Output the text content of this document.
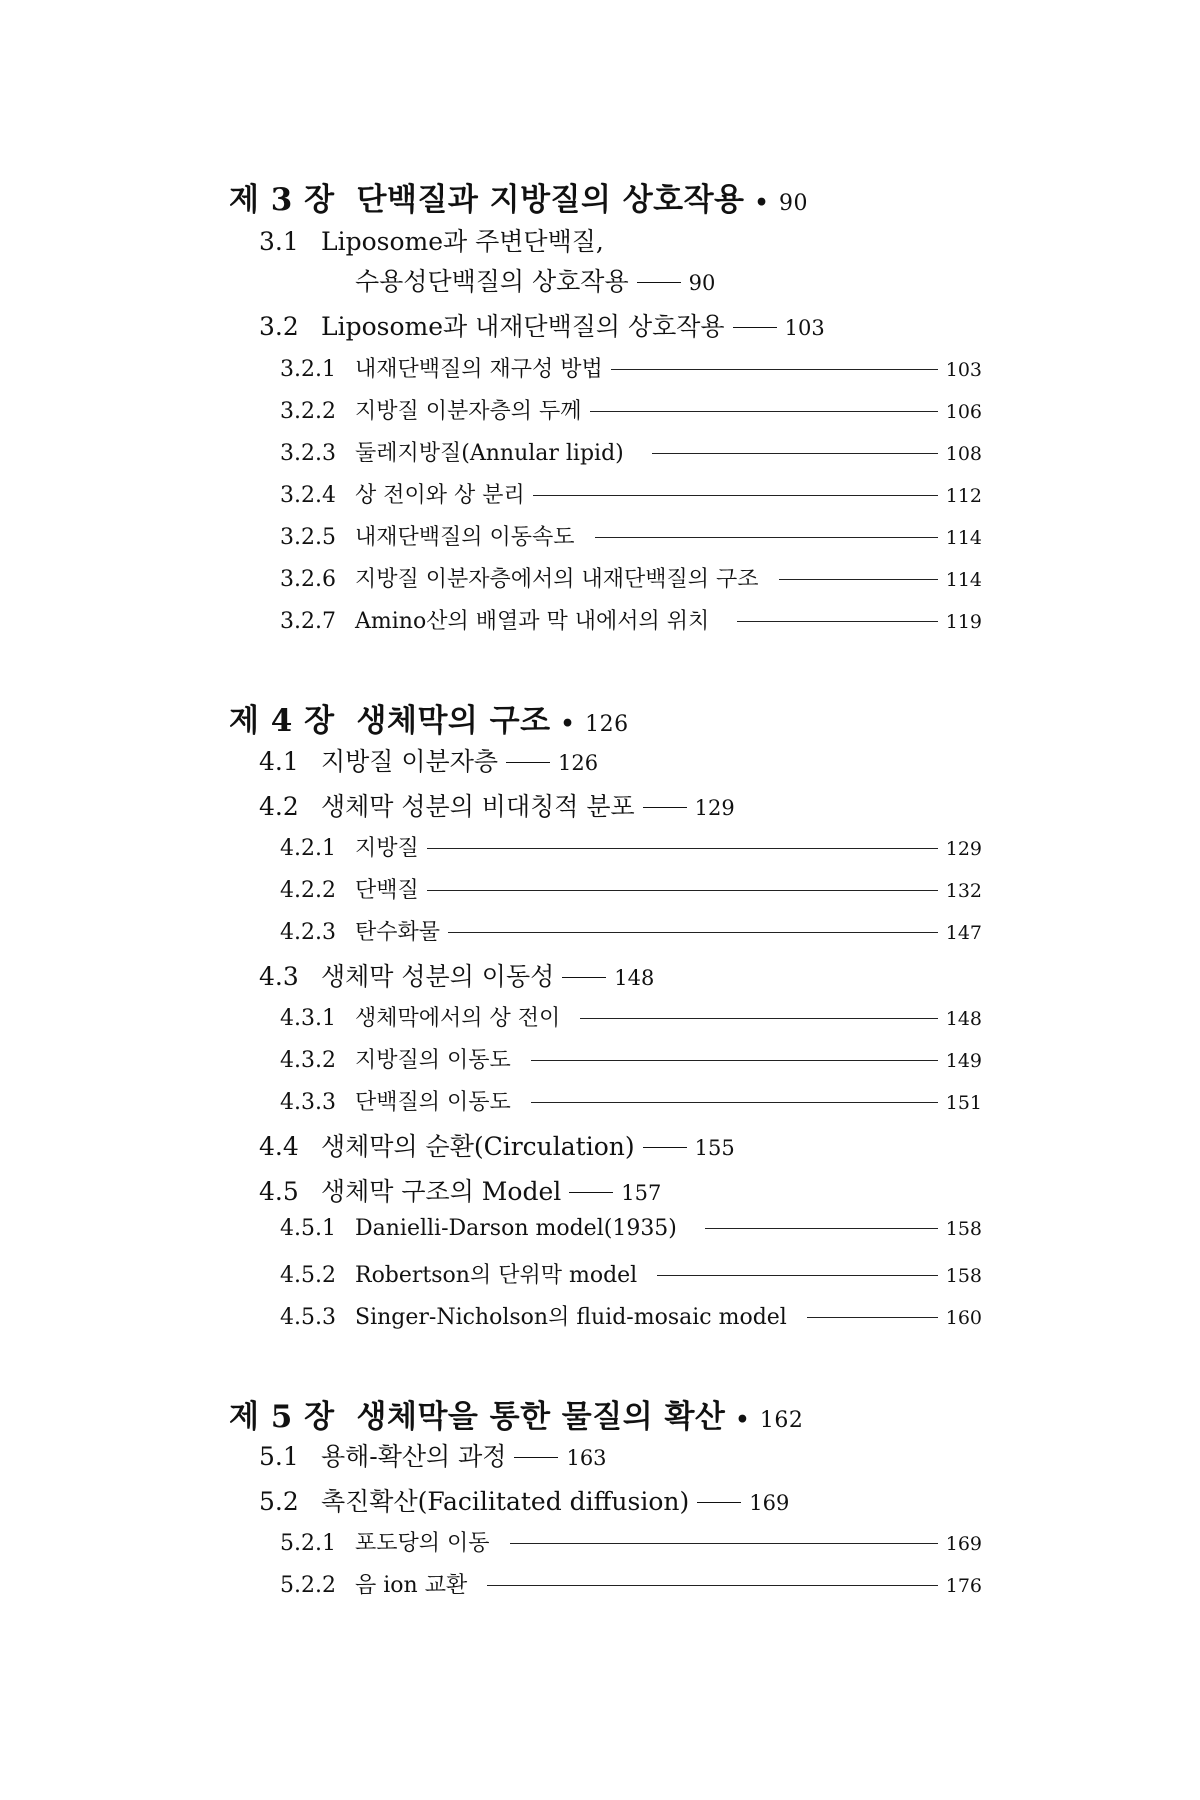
제 3 장 단백질과 지방질의 상호작용 • 90
3.1 Liposome과 주변단백질,
수용성단백질의 상호작용	90
3.2 Liposome과 내재단백질의 상호작용	103
3.2.1 내재단백질의 재구성 방법	103
3.2.2 지방질 이분자층의 두께	106
3.2.3 둘레지방질(Annular lipid)	108
3.2.4 상 전이와 상 분리	112
3.2.5 내재단백질의 이동속도	114
3.2.6 지방질 이분자층에서의 내재단백질의 구조	114
3.2.7 Amino산의 배열과 막 내에서의 위치	119
제 4 장 생체막의 구조 • 126
4.1 지방질 이분자층	126
4.2 생체막 성분의 비대칭적 분포	129
4.2.1 지방질	129
4.2.2 단백질	132
4.2.3 탄수화물	147
4.3 생체막 성분의 이동성	148
4.3.1 생체막에서의 상 전이	148
4.3.2 지방질의 이동도	149
4.3.3 단백질의 이동도	151
4.4 생체막의 순환(Circulation)	155
4.5 생체막 구조의 Model	157
4.5.1 Danielli-Darson model(1935)	158
4.5.2 Robertson의 단위막 model	158
4.5.3 Singer-Nicholson의 fluid-mosaic model	160
제 5 장 생체막을 통한 물질의 확산 • 162
5.1 용해-확산의 과정	163
5.2 촉진확산(Facilitated diffusion)	169
5.2.1 포도당의 이동	169
5.2.2 음 ion 교환	176
